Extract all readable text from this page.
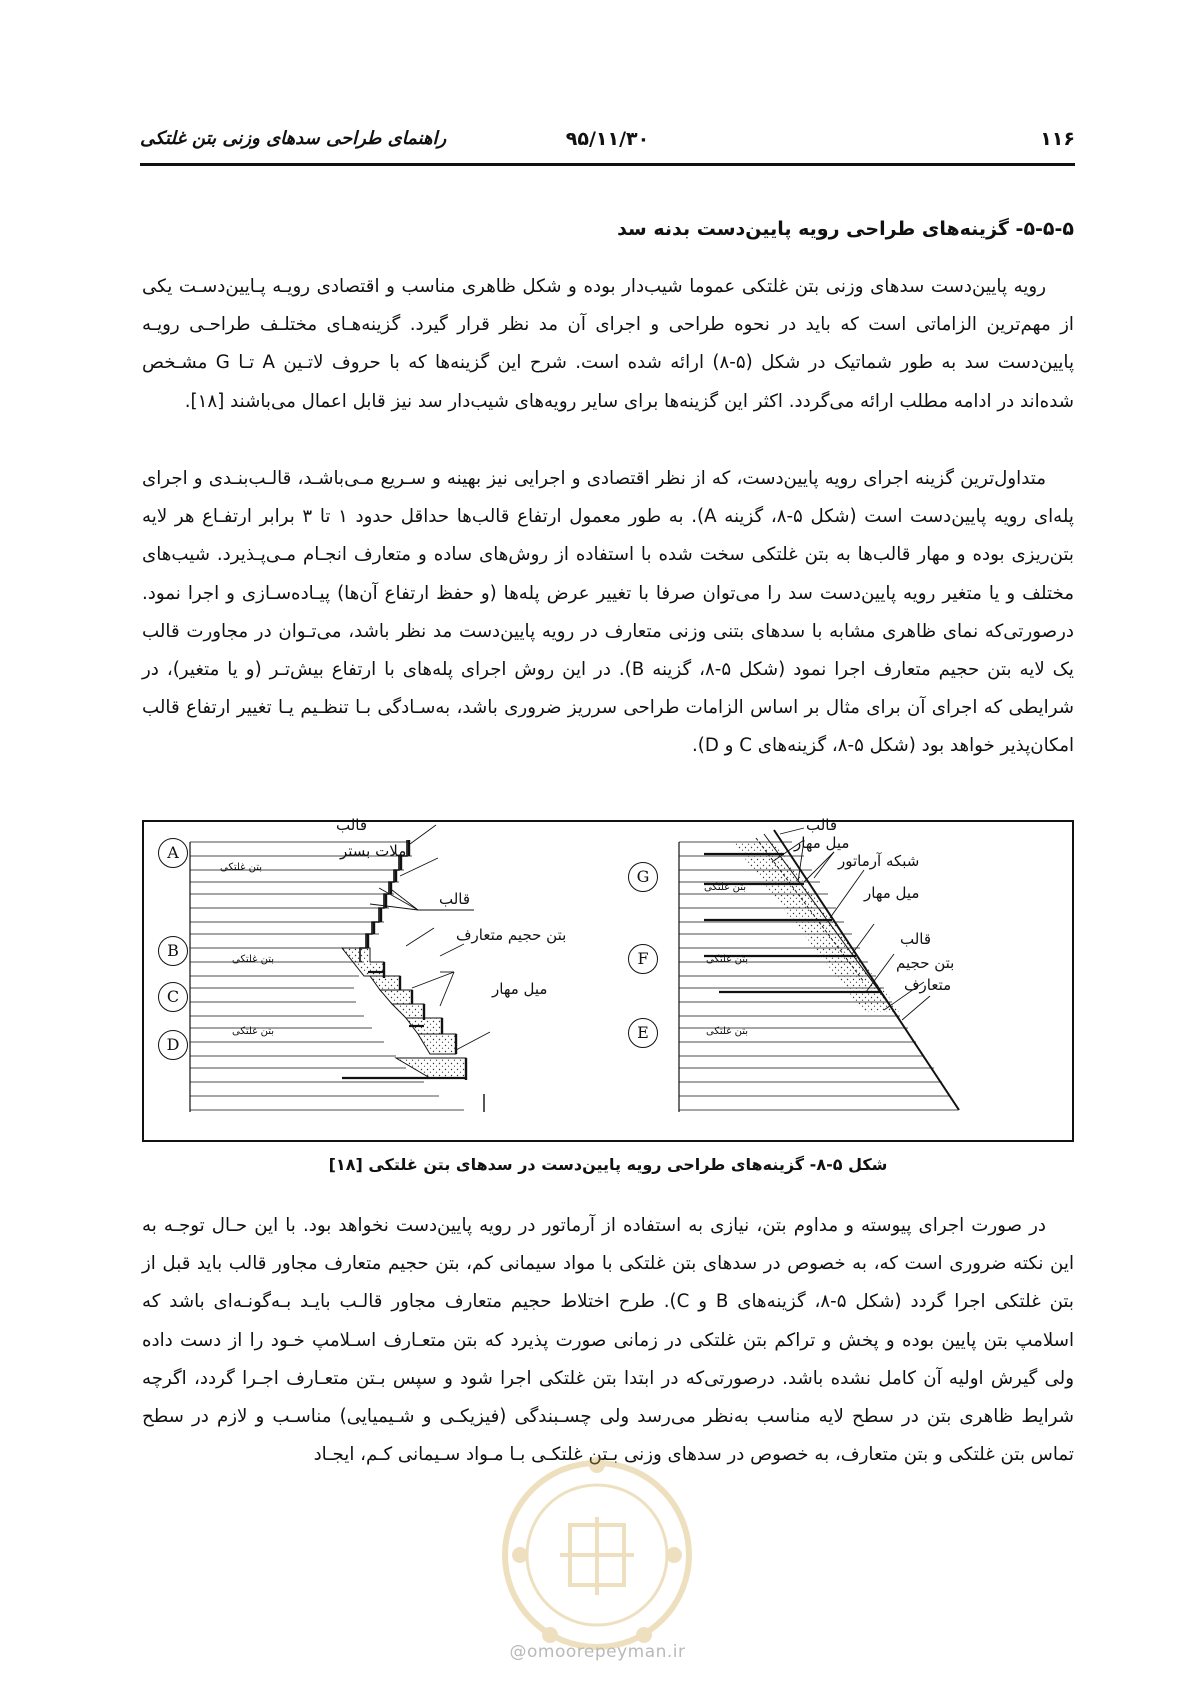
۱۱۶
۹۵/۱۱/۳۰
راهنمای طراحی سدهای وزنی بتن غلتکی
۵-۵-۵- گزینه‌های طراحی رویه پایین‌دست بدنه سد

رویه پایین‌دست سدهای وزنی بتن غلتکی عموما شیب‌دار بوده و شکل ظاهری مناسب و اقتصادی رویـه پـایین‌دسـت یکی از مهم‌ترین الزاماتی است که باید در نحوه طراحی و اجرای آن مد نظر قرار گیرد. گزینه‌هـای مختلـف طراحـی رویـه پایین‌دست سد به طور شماتیک در شکل (۵-۸) ارائه شده است. شرح این گزینه‌ها که با حروف لاتـین A تـا G مشـخص شده‌اند در ادامه مطلب ارائه می‌گردد. اکثر این گزینه‌ها برای سایر رویه‌های شیب‌دار سد نیز قابل اعمال می‌باشند [۱۸].

متداول‌ترین گزینه اجرای رویه پایین‌دست، که از نظر اقتصادی و اجرایی نیز بهینه و سـریع مـی‌باشـد، قالـب‌بنـدی و اجرای پله‌ای رویه پایین‌دست است (شکل ۵-۸، گزینه A). به طور معمول ارتفاع قالب‌ها حداقل حدود ۱ تا ۳ برابر ارتفـاع هر لایه بتن‌ریزی بوده و مهار قالب‌ها به بتن غلتکی سخت شده با استفاده از روش‌های ساده و متعارف انجـام مـی‌پـذیرد. شیب‌های مختلف و یا متغیر رویه پایین‌دست سد را می‌توان صرفا با تغییر عرض پله‌ها (و حفظ ارتفاع آن‌ها) پیـاده‌سـازی و اجرا نمود. درصورتی‌که نمای ظاهری مشابه با سدهای بتنی وزنی متعارف در رویه پایین‌دست مد نظر باشد، می‌تـوان در مجاورت قالب یک لایه بتن حجیم متعارف اجرا نمود (شکل ۵-۸، گزینه B). در این روش اجرای پله‌های با ارتفاع بیش‌تـر (و یا متغیر)، در شرایطی که اجرای آن برای مثال بر اساس الزامات طراحی سرریز ضروری باشد، به‌سـادگی بـا تنظـیم یـا تغییر ارتفاع قالب امکان‌پذیر خواهد بود (شکل ۵-۸، گزینه‌های C و D).

قالب
ملات بستر
قالب
بتن حجیم متعارف
میل مهار
بتن غلتکی
بتن غلتکی
بتن غلتکی
A
B
C
D
قالب
میل مهار
شبکه آرماتور
میل مهار
قالب
بتن حجیم
متعارف
بتن غلتکی
بتن غلتکی
بتن غلتکی
G
F
E
شکل ۵-۸- گزینه‌های طراحی رویه پایین‌دست در سدهای بتن غلتکی [۱۸]

در صورت اجرای پیوسته و مداوم بتن، نیازی به استفاده از آرماتور در رویه پایین‌دست نخواهد بود. با این حـال توجـه به این نکته ضروری است که، به خصوص در سدهای بتن غلتکی با مواد سیمانی کم، بتن حجیم متعارف مجاور قالب باید قبل از بتن غلتکی اجرا گردد (شکل ۵-۸، گزینه‌های B و C). طرح اختلاط حجیم متعارف مجاور قالـب بایـد بـه‌گونـه‌ای باشد که اسلامپ بتن پایین بوده و پخش و تراکم بتن غلتکی در زمانی صورت پذیرد که بتن متعـارف اسـلامپ خـود را از دست داده ولی گیرش اولیه آن کامل نشده باشد. درصورتی‌که در ابتدا بتن غلتکی اجرا شود و سپس بـتن متعـارف اجـرا گردد، اگرچه شرایط ظاهری بتن در سطح لایه مناسب به‌نظر می‌رسد ولی چسـبندگی (فیزیکـی و شـیمیایی) مناسـب و لازم در سطح تماس بتن غلتکی و بتن متعارف، به خصوص در سدهای وزنی بـتن غلتکـی بـا مـواد سـیمانی کـم، ایجـاد

@omoorepeyman.ir
